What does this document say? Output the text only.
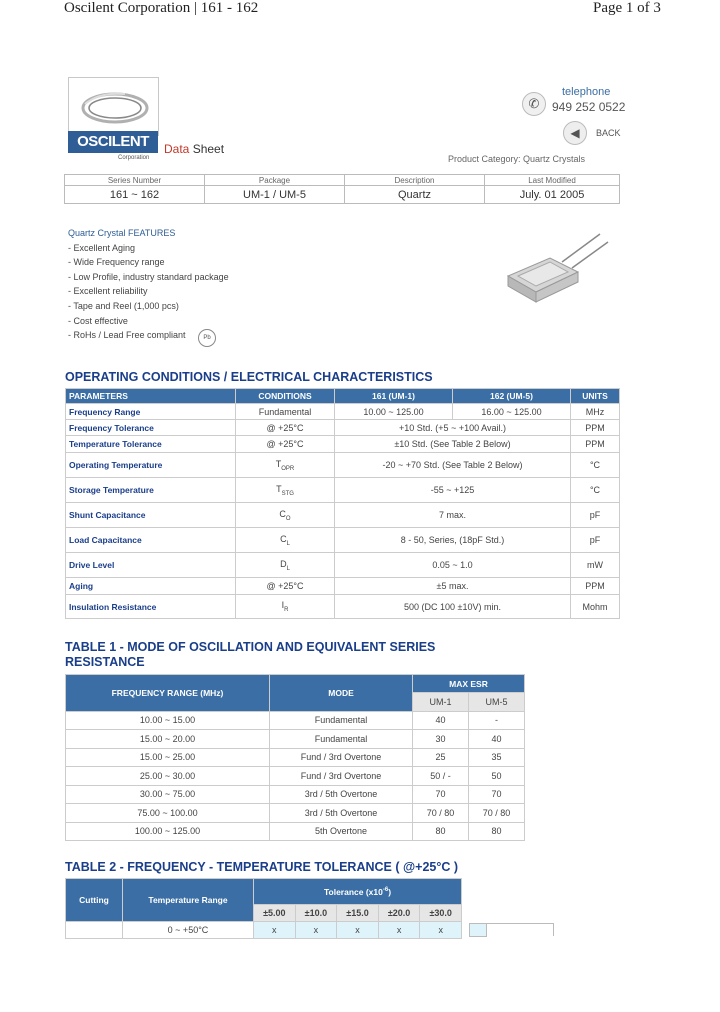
Oscilent Corporation | 161 - 162	Page 1 of 3
OSCILENT
Corporation
Data Sheet
✆
telephone
949 252 0522
◀	BACK
Product Category: Quartz Crystals
Series Number	Package	Description	Last Modified
161 ~ 162	UM-1 / UM-5	Quartz	July. 01 2005
Quartz Crystal FEATURES
- Excellent Aging
- Wide Frequency range
- Low Profile, industry standard package
- Excellent reliability
- Tape and Reel (1,000 pcs)
- Cost effective
- RoHs / Lead Free compliant	Pb
OPERATING CONDITIONS / ELECTRICAL CHARACTERISTICS
PARAMETERS	CONDITIONS	161 (UM-1)	162 (UM-5)	UNITS
Frequency Range	Fundamental	10.00 ~ 125.00	16.00 ~ 125.00	MHz
Frequency Tolerance	@ +25°C	+10 Std. (+5 ~ +100 Avail.)		PPM
Temperature Tolerance	@ +25°C	±10 Std. (See Table 2 Below)		PPM
Operating Temperature	$T_{OPR}$	-20 ~ +70 Std. (See Table 2 Below)		°C
Storage Temperature	$T_{STG}$	-55 ~ +125		°C
Shunt Capacitance	$C_O$	7 max.		pF
Load Capacitance	$C_L$	8 - 50, Series, (18pF Std.)		pF
Drive Level	$D_L$	0.05 ~ 1.0		mW
Aging	@ +25°C	±5 max.		PPM
Insulation Resistance	$I_R$	500 (DC 100 ±10V) min.		Mohm
TABLE 1 - MODE OF OSCILLATION AND EQUIVALENT SERIES
RESISTANCE
FREQUENCY RANGE (MHz)	MODE	MAX ESR	
		UM-1	UM-5
10.00 ~ 15.00	Fundamental	40	-
15.00 ~ 20.00	Fundamental	30	40
15.00 ~ 25.00	Fund / 3rd Overtone	25	35
25.00 ~ 30.00	Fund / 3rd Overtone	50 / -	50
30.00 ~ 75.00	3rd / 5th Overtone	70	70
75.00 ~ 100.00	3rd / 5th Overtone	70 / 80	70 / 80
100.00 ~ 125.00	5th Overtone	80	80
TABLE 2 - FREQUENCY - TEMPERATURE TOLERANCE ( @+25°C )
Cutting	Temperature Range	Tolerance $(x10^{-6})$				
		±5.00	±10.0	±15.0	±20.0	±30.0
	0 ~ +50°C	x	x	x	x	x
